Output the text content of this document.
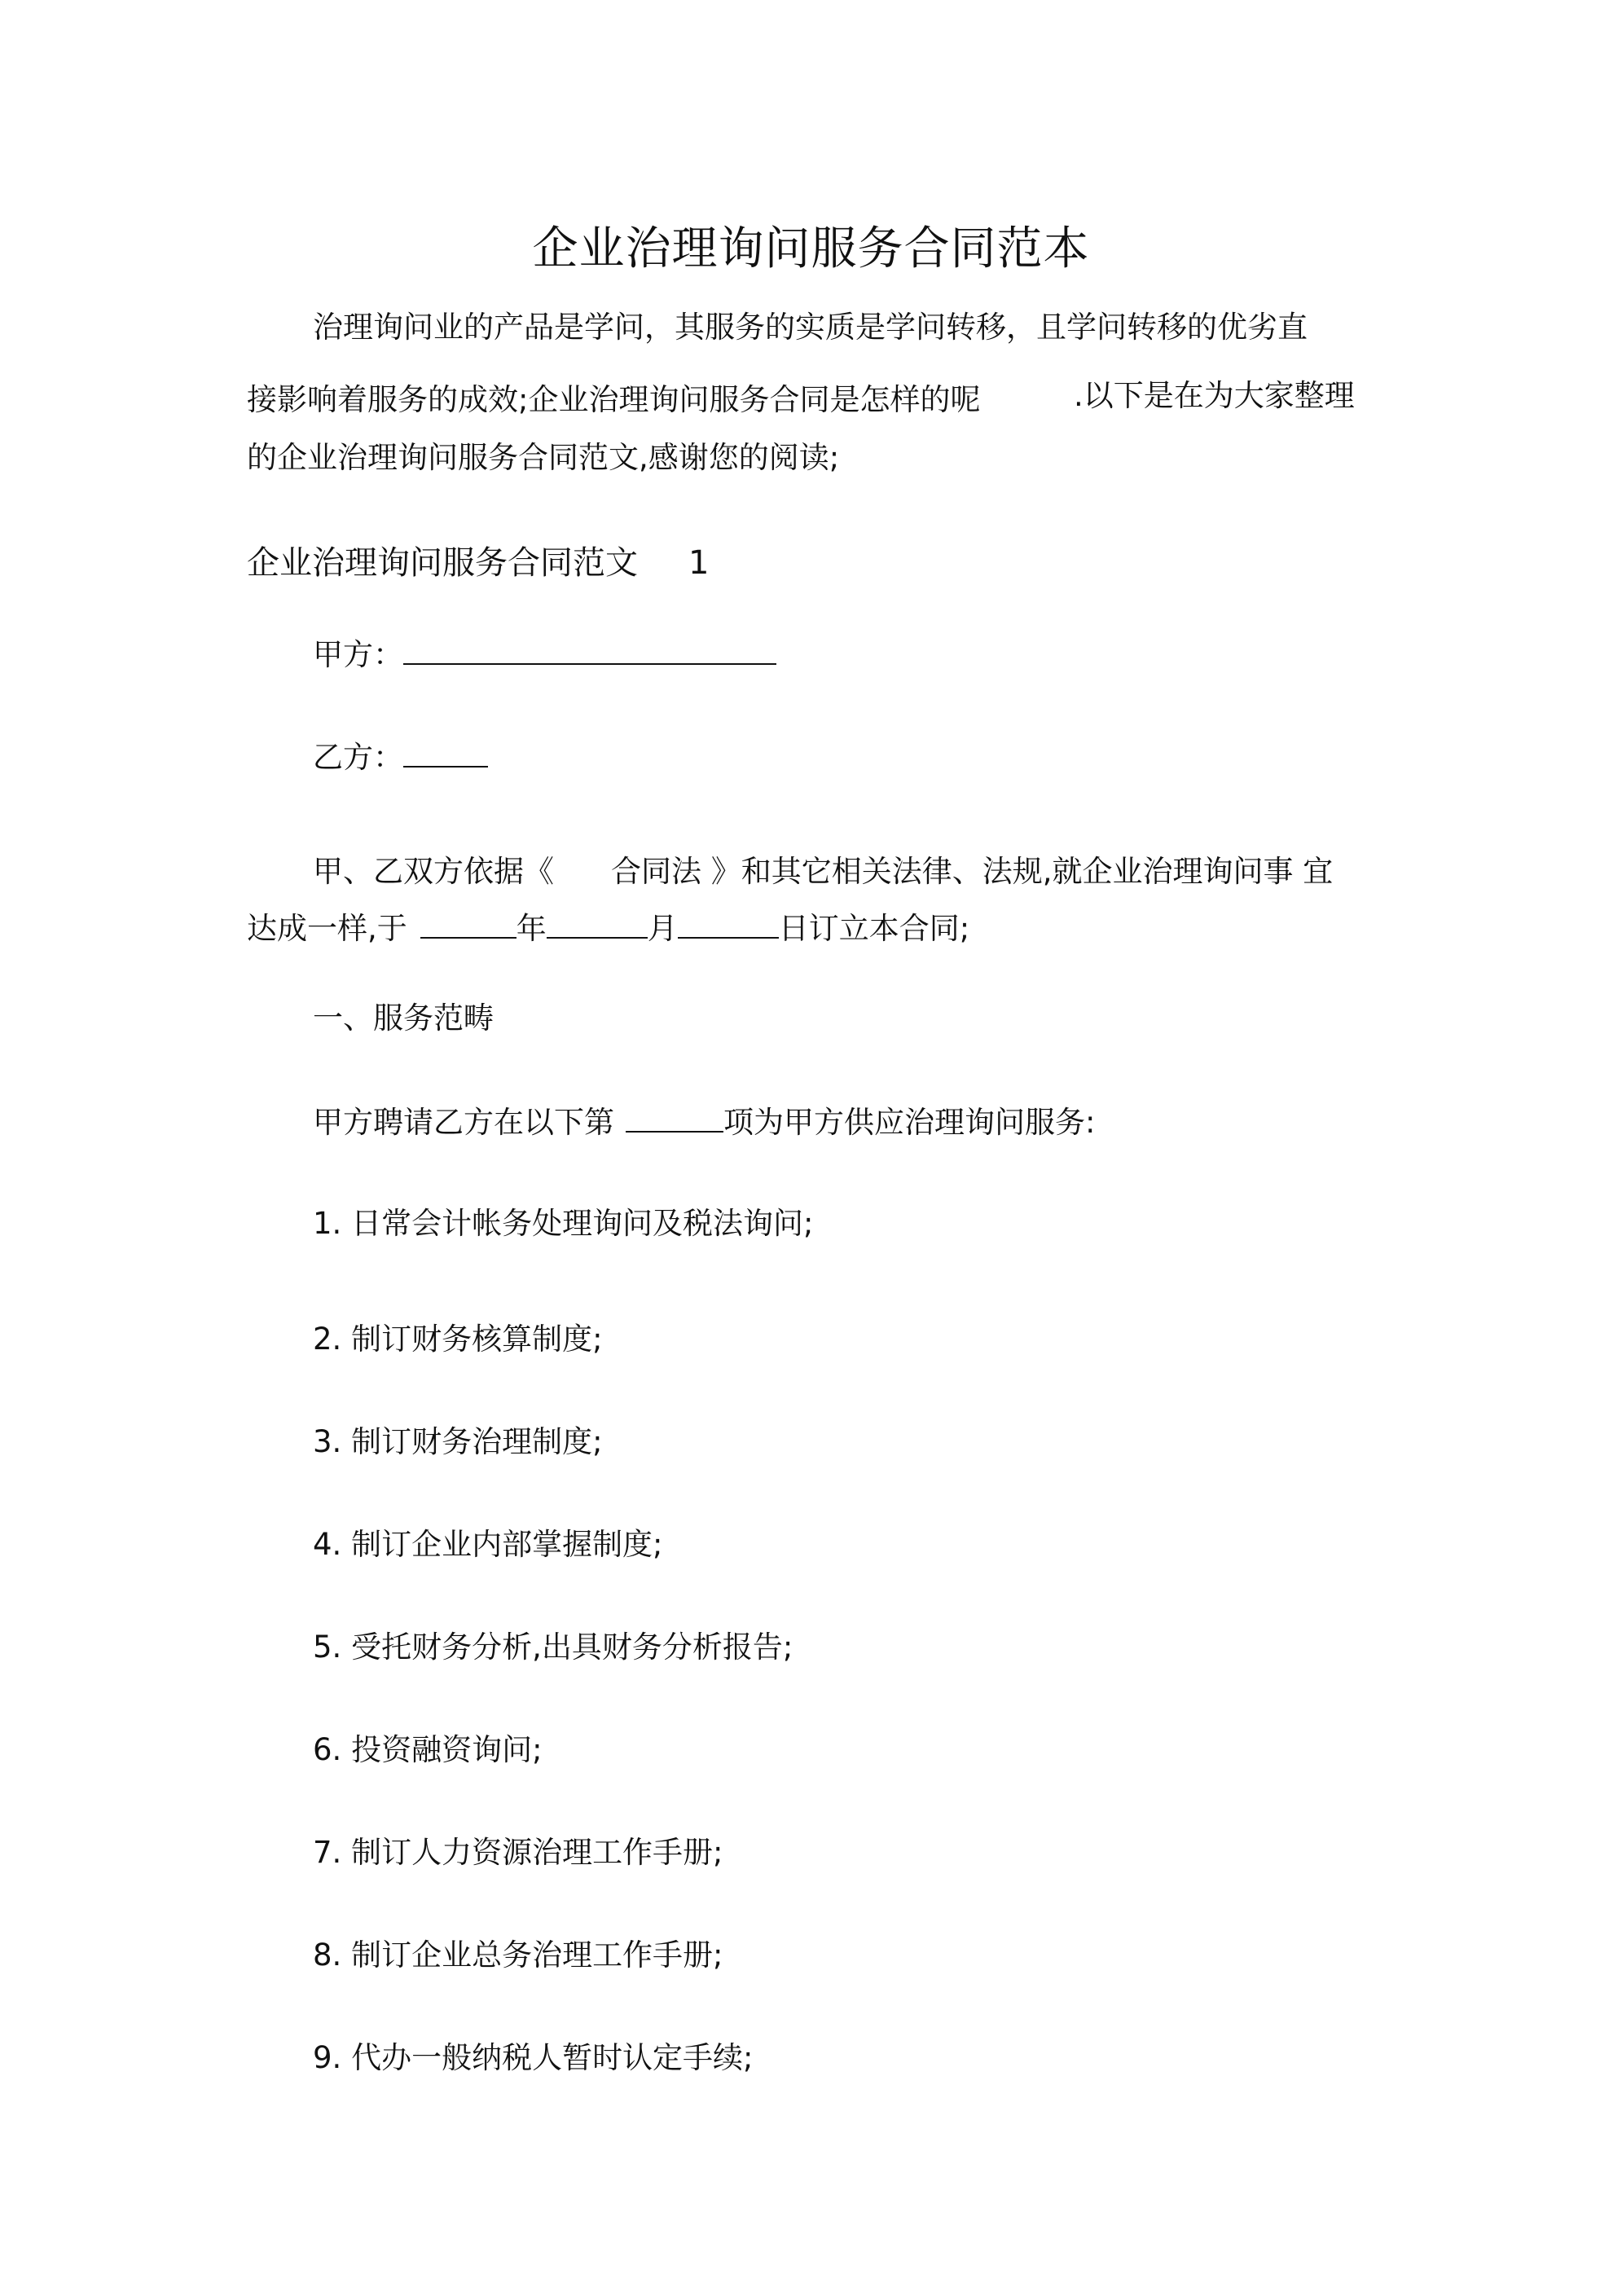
企业治理询问服务合同范本
治理询问业的产品是学问，其服务的实质是学问转移，且学问转移的优劣直
接影响着服务的成效;企业治理询问服务合同是怎样的呢	.以下是在为大家整理
的企业治理询问服务合同范文,感谢您的阅读;
企业治理询问服务合同范文 1
甲方：
乙方：
甲、乙双方依据《 合同法 》和其它相关法律、法规,就企业治理询问事 宜
达成一样,于	年	月	日订立本合同;
一、服务范畴
甲方聘请乙方在以下第	项为甲方供应治理询问服务:
1. 日常会计帐务处理询问及税法询问;
2. 制订财务核算制度;
3. 制订财务治理制度;
4. 制订企业内部掌握制度;
5. 受托财务分析,出具财务分析报告;
6. 投资融资询问;
7. 制订人力资源治理工作手册;
8. 制订企业总务治理工作手册;
9. 代办一般纳税人暂时认定手续;
